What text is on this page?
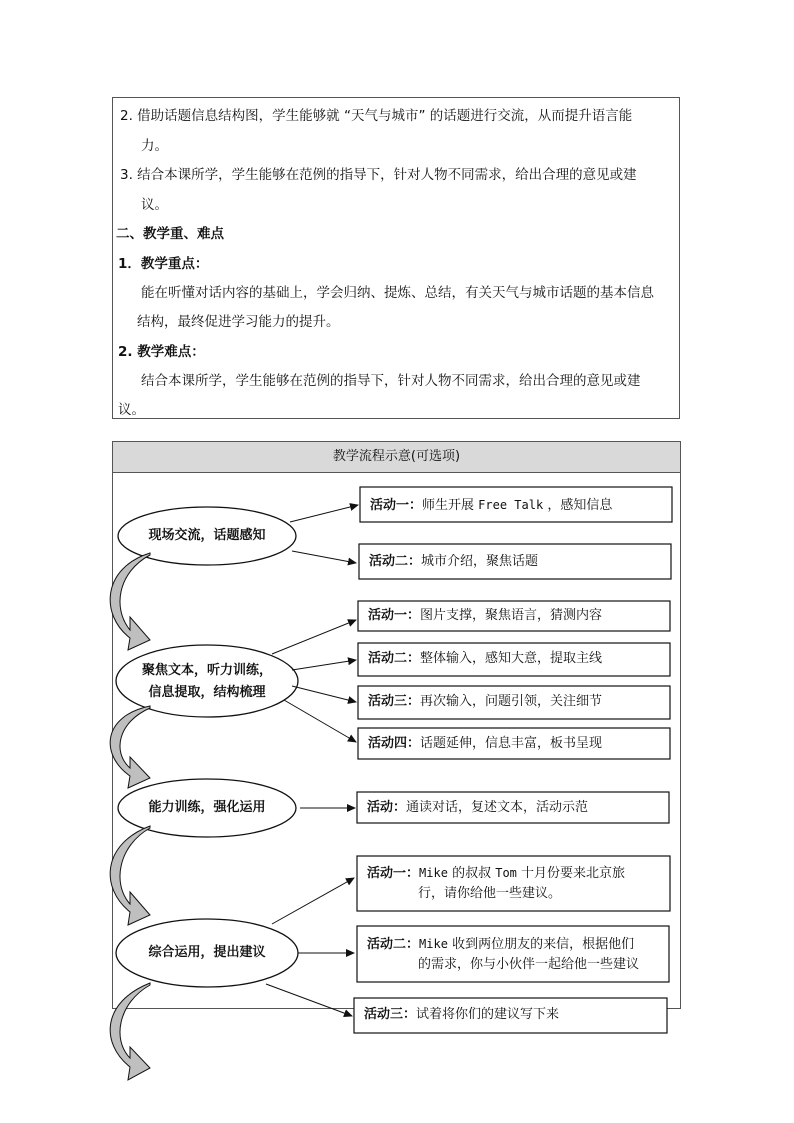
2. 借助话题信息结构图，学生能够就 “天气与城市” 的话题进行交流，从而提升语言能
力。
3. 结合本课所学，学生能够在范例的指导下，针对人物不同需求，给出合理的意见或建
议。
二、教学重、难点
1．教学重点：
能在听懂对话内容的基础上，学会归纳、提炼、总结，有关天气与城市话题的基本信息
结构，最终促进学习能力的提升。
2. 教学难点：
结合本课所学，学生能够在范例的指导下，针对人物不同需求，给出合理的意见或建
议。
教学流程示意(可选项)
现场交流，话题感知
聚焦文本，听力训练，
信息提取，结构梳理
能力训练，强化运用
综合运用，提出建议
活动一：师生开展 Free Talk ，感知信息
活动二：城市介绍，聚焦话题
活动一：图片支撑，聚焦语言，猜测内容
活动二：整体输入，感知大意，提取主线
活动三：再次输入，问题引领，关注细节
活动四：话题延伸，信息丰富，板书呈现
活动：通读对话，复述文本，活动示范
活动一：Mike 的叔叔 Tom 十月份要来北京旅
行，请你给他一些建议。
活动二：Mike 收到两位朋友的来信，根据他们
的需求，你与小伙伴一起给他一些建议
活动三：试着将你们的建议写下来
